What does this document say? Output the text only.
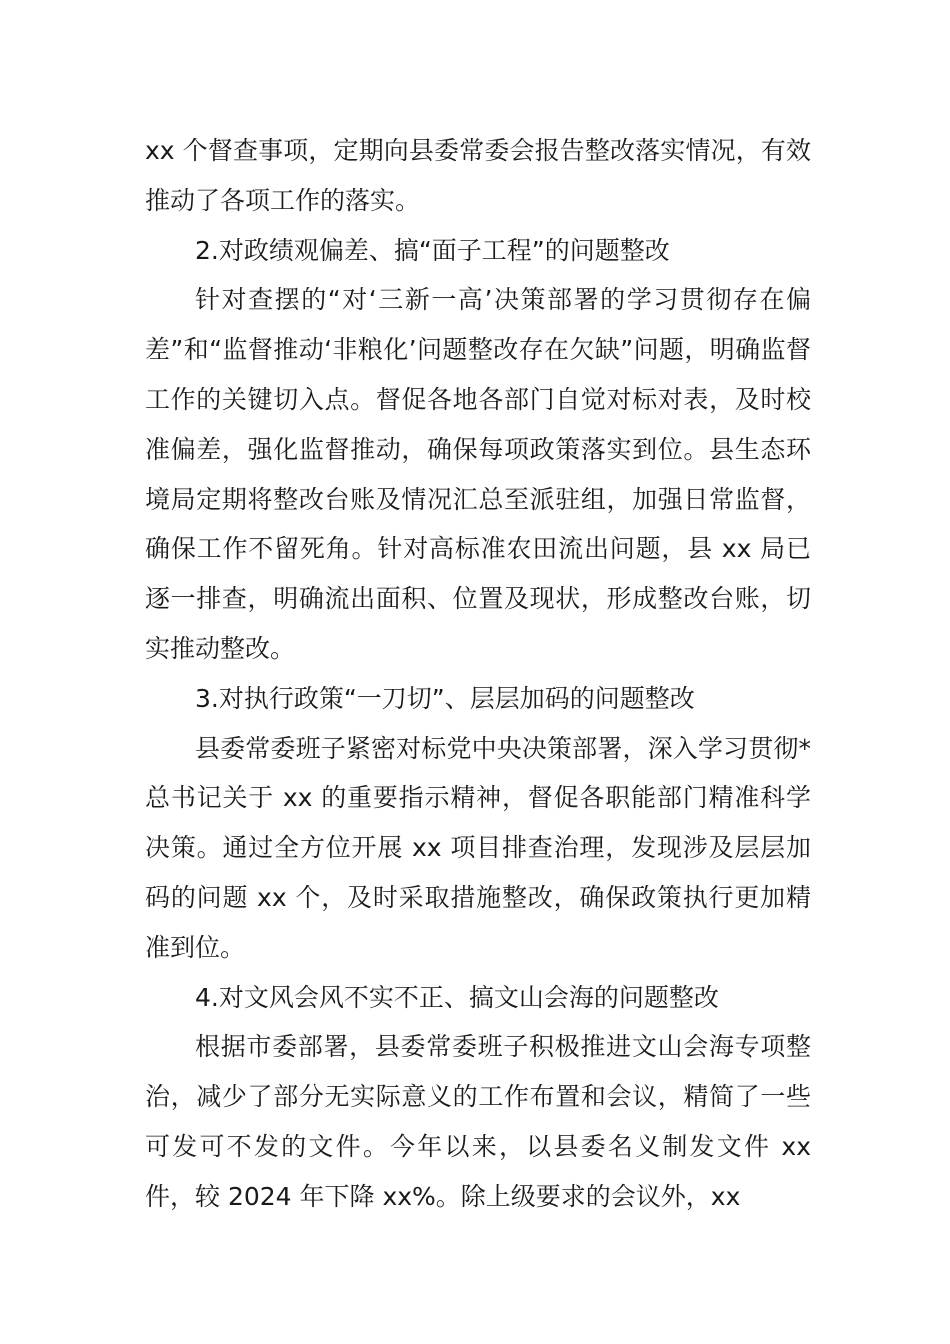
xx 个督查事项，定期向县委常委会报告整改落实情况，有效推动了各项工作的落实。

2.对政绩观偏差、搞“面子工程”的问题整改

针对查摆的“对‘三新一高’决策部署的学习贯彻存在偏差”和“监督推动‘非粮化’问题整改存在欠缺”问题，明确监督工作的关键切入点。督促各地各部门自觉对标对表，及时校准偏差，强化监督推动，确保每项政策落实到位。县生态环境局定期将整改台账及情况汇总至派驻组，加强日常监督，确保工作不留死角。针对高标准农田流出问题，县 xx 局已逐一排查，明确流出面积、位置及现状，形成整改台账，切实推动整改。

3.对执行政策“一刀切”、层层加码的问题整改

县委常委班子紧密对标党中央决策部署，深入学习贯彻*总书记关于 xx 的重要指示精神，督促各职能部门精准科学决策。通过全方位开展 xx 项目排查治理，发现涉及层层加码的问题 xx 个，及时采取措施整改，确保政策执行更加精准到位。

4.对文风会风不实不正、搞文山会海的问题整改

根据市委部署，县委常委班子积极推进文山会海专项整治，减少了部分无实际意义的工作布置和会议，精简了一些可发可不发的文件。今年以来，以县委名义制发文件 xx 件，较 2024 年下降 xx%。除上级要求的会议外，xx
